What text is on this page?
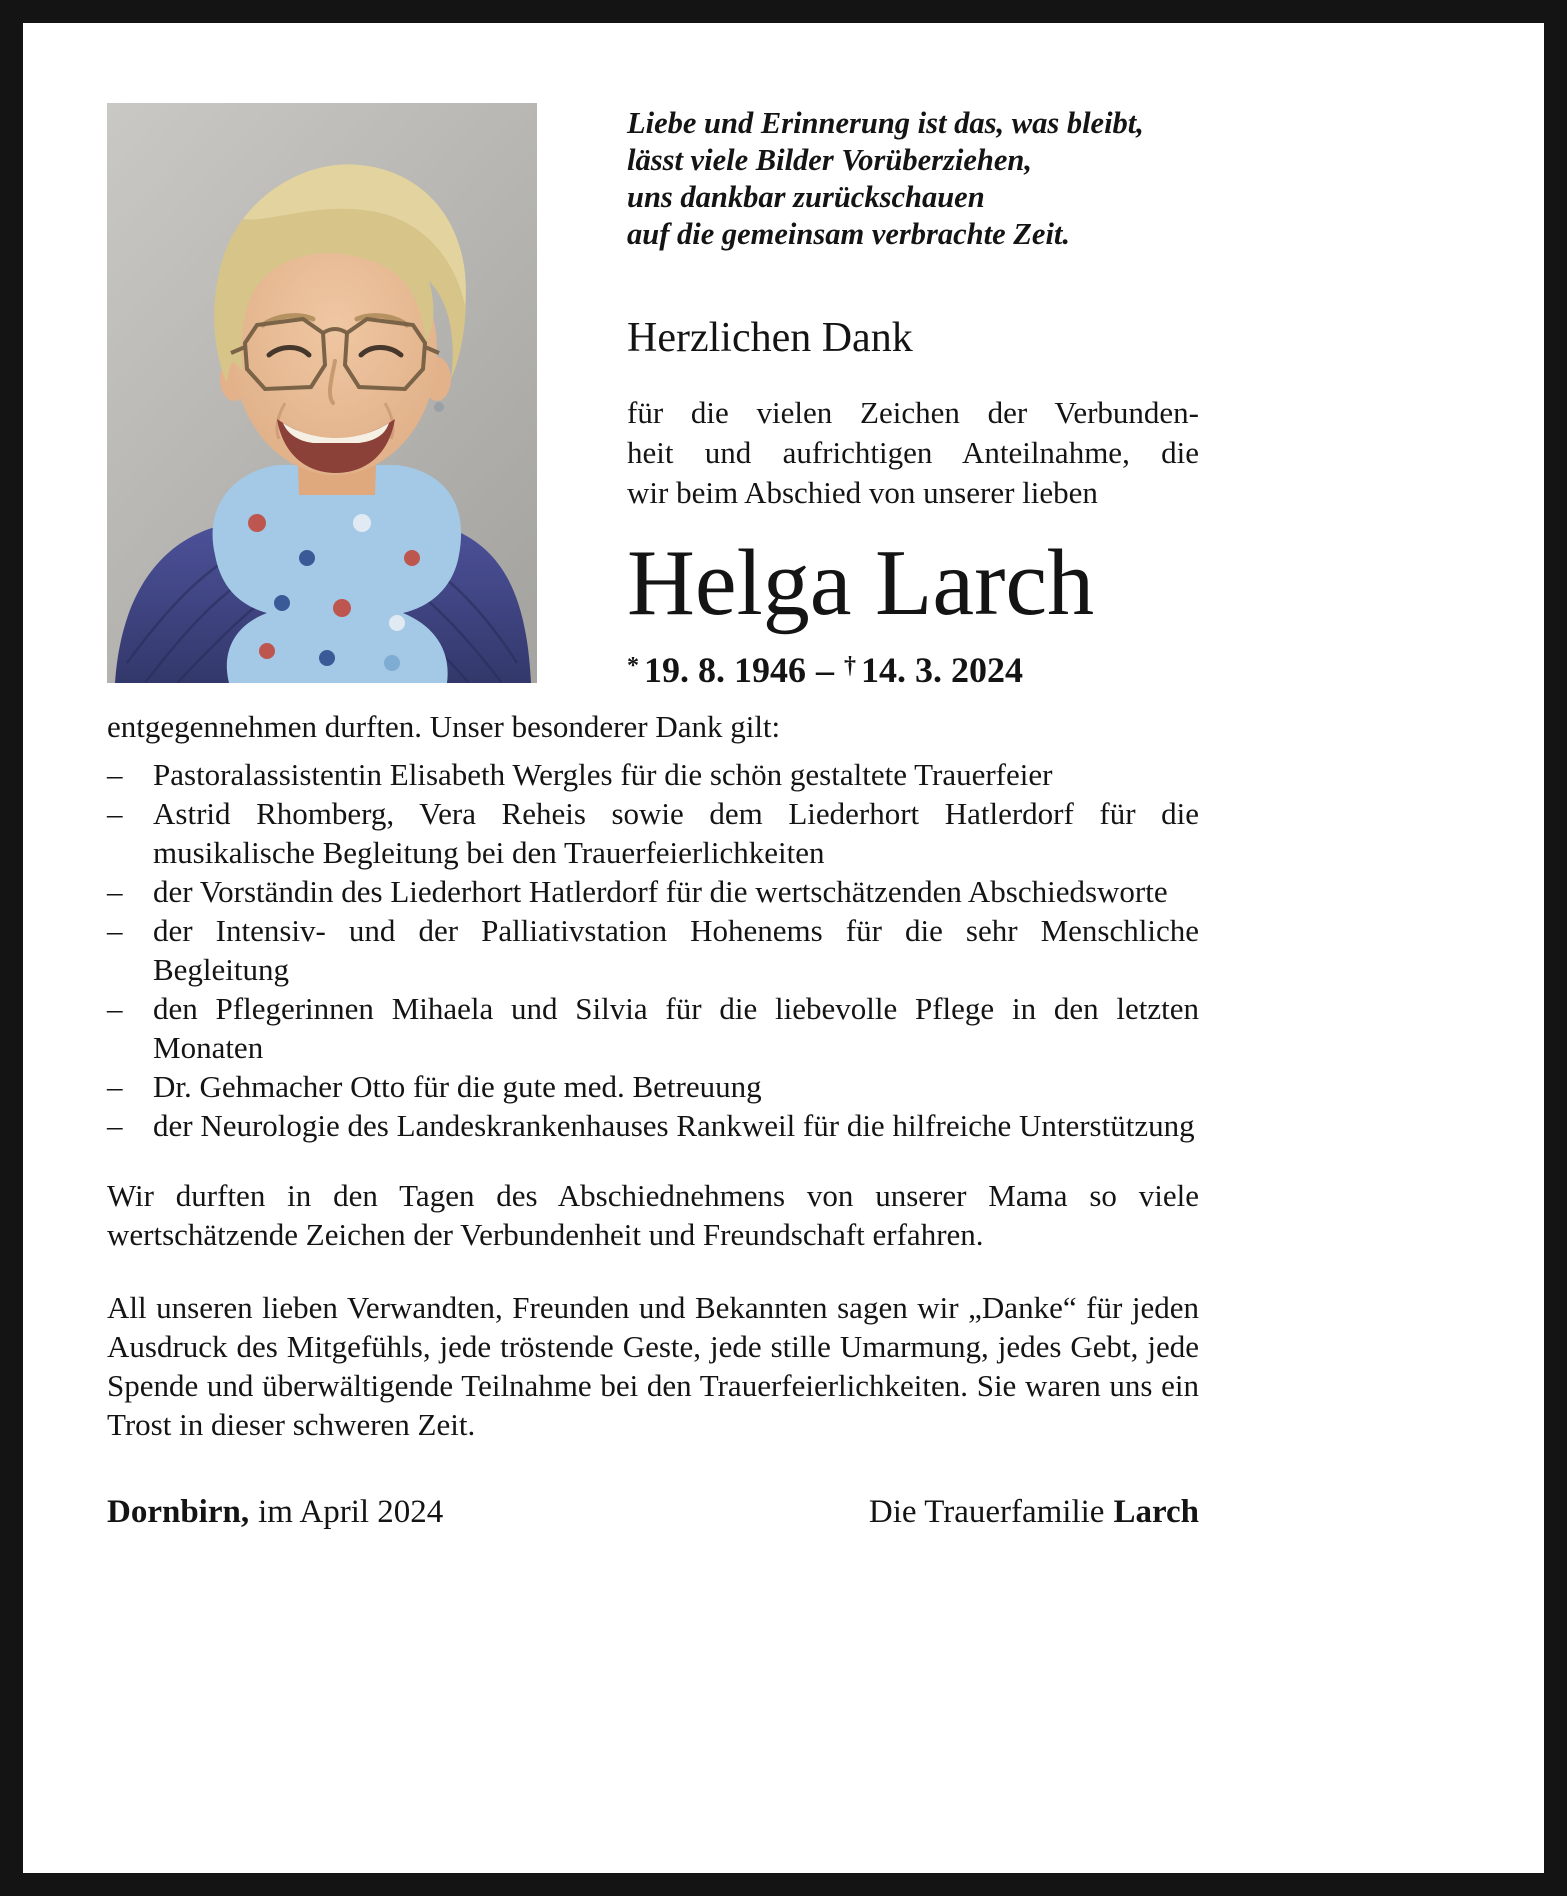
Liebe und Erinnerung ist das, was bleibt,
lässt viele Bilder Vorüberziehen,
uns dankbar zurückschauen
auf die gemeinsam verbrachte Zeit.
Herzlichen Dank
für die vielen Zeichen der Verbunden-
heit und aufrichtigen Anteilnahme, die
wir beim Abschied von unserer lieben
Helga Larch
* 19. 8. 1946 – † 14. 3. 2024
entgegennehmen durften. Unser besonderer Dank gilt:
– Pastoralassistentin Elisabeth Wergles für die schön gestaltete Trauerfeier
– Astrid Rhomberg, Vera Reheis sowie dem Liederhort Hatlerdorf für die musikalische Begleitung bei den Trauerfeierlichkeiten
– der Vorständin des Liederhort Hatlerdorf für die wertschätzenden Abschiedsworte
– der Intensiv- und der Palliativstation Hohenems für die sehr Menschliche Begleitung
– den Pflegerinnen Mihaela und Silvia für die liebevolle Pflege in den letzten Monaten
– Dr. Gehmacher Otto für die gute med. Betreuung
– der Neurologie des Landeskrankenhauses Rankweil für die hilfreiche Unterstützung
Wir durften in den Tagen des Abschiednehmens von unserer Mama so viele wertschätzende Zeichen der Verbundenheit und Freundschaft erfahren.
All unseren lieben Verwandten, Freunden und Bekannten sagen wir „Danke“ für jeden Ausdruck des Mitgefühls, jede tröstende Geste, jede stille Umarmung, jedes Gebt, jede Spende und überwältigende Teilnahme bei den Trauerfeierlichkeiten. Sie waren uns ein Trost in dieser schweren Zeit.
Dornbirn, im April 2024	Die Trauerfamilie Larch
